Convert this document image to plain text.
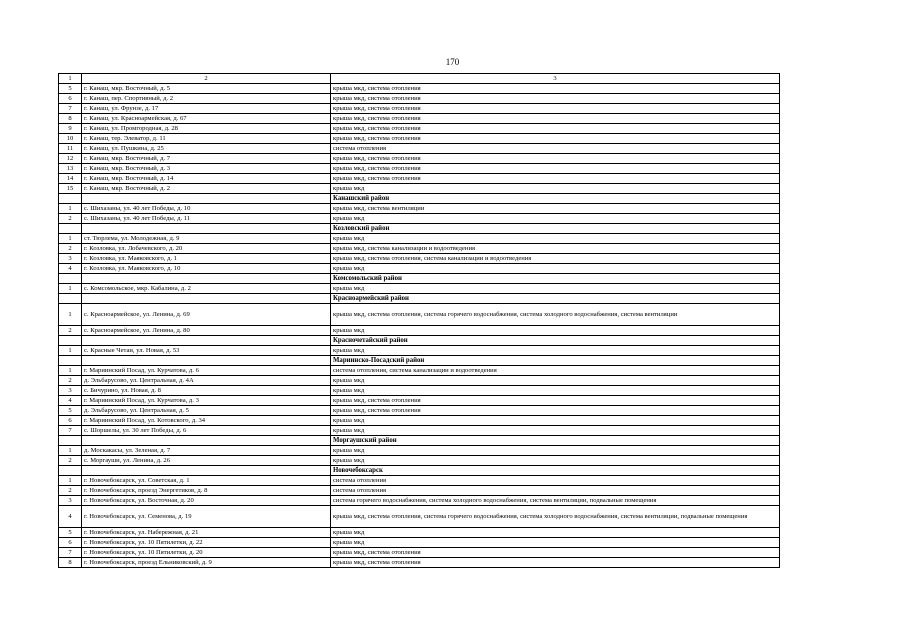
170
1	2	3
5	г. Канаш, мкр. Восточный, д. 5	крыша мкд, система отопления
6	г. Канаш, пер. Спортивный, д. 2	крыша мкд, система отопления
7	г. Канаш, ул. Фрунзе, д. 17	крыша мкд, система отопления
8	г. Канаш, ул. Красноармейская, д. 67	крыша мкд, система отопления
9	г. Канаш, ул. Промгородная, д. 28	крыша мкд, система отопления
10	г. Канаш, тер. Элеватор, д. 11	крыша мкд, система отопления
11	г. Канаш, ул. Пушкина, д. 25	система отопления
12	г. Канаш, мкр. Восточный, д. 7	крыша мкд, система отопления
13	г. Канаш, мкр. Восточный, д. 3	крыша мкд, система отопления
14	г. Канаш, мкр. Восточный, д. 14	крыша мкд, система отопления
15	г. Канаш, мкр. Восточный, д. 2	крыша мкд
		Канашский район
1	с. Шихазаны, ул. 40 лет Победы, д. 10	крыша мкд, система вентиляции
2	с. Шихазаны, ул. 40 лет Победы, д. 11	крыша мкд
		Козловский район
1	ст. Тюрлема, ул. Молодежная, д. 9	крыша мкд
2	г. Козловка, ул. Лобачевского, д. 20	крыша мкд, система канализации и водоотведения
3	г. Козловка, ул. Маяковского, д. 1	крыша мкд, система отопления, система канализации и водоотведения
4	г. Козловка, ул. Маяковского, д. 10	крыша мкд
		Комсомольский район
1	с. Комсомольское, мкр. Кабалина, д. 2	крыша мкд
		Красноармейский район
1	с. Красноармейское, ул. Ленина, д. 69	крыша мкд, система отопления, система горячего водоснабжения, система холодного водоснабжения, система вентиляции
2	с. Красноармейское, ул. Ленина, д. 80	крыша мкд
		Красночетайский район
1	с. Красные Четаи, ул. Новая, д. 53	крыша мкд
		Мариинско-Посадский район
1	г. Мариинский Посад, ул. Курчатова, д. 6	система отопления, система канализации и водоотведения
2	д. Эльбарусово, ул. Центральная, д. 4А	крыша мкд
3	с. Бичурино, ул. Новая, д. 8	крыша мкд
4	г. Мариинский Посад, ул. Курчатова, д. 3	крыша мкд, система отопления
5	д. Эльбарусово, ул. Центральная, д. 5	крыша мкд, система отопления
6	г. Мариинский Посад, ул. Котовского, д. 34	крыша мкд
7	с. Шоршелы, ул. 30 лет Победы, д. 6	крыша мкд
		Моргаушский район
1	д. Москакасы, ул. Зеленая, д. 7	крыша мкд
2	с. Моргауши, ул. Ленина, д. 26	крыша мкд
		Новочебоксарск
1	г. Новочебоксарск, ул. Советская, д. 1	система отопления
2	г. Новочебоксарск, проезд Энергетиков, д. 8	система отопления
3	г. Новочебоксарск, ул. Восточная, д. 20	система горячего водоснабжения, система холодного водоснабжения, система вентиляции, подвальные помещения
4	г. Новочебоксарск, ул. Семенова, д. 19	крыша мкд, система отопления, система горячего водоснабжения, система холодного водоснабжения, система вентиляции, подвальные помещения
5	г. Новочебоксарск, ул. Набережная, д. 21	крыша мкд
6	г. Новочебоксарск, ул. 10 Пятилетки, д. 22	крыша мкд
7	г. Новочебоксарск, ул. 10 Пятилетки, д. 20	крыша мкд, система отопления
8	г. Новочебоксарск, проезд Ельниковский, д. 9	крыша мкд, система отопления
